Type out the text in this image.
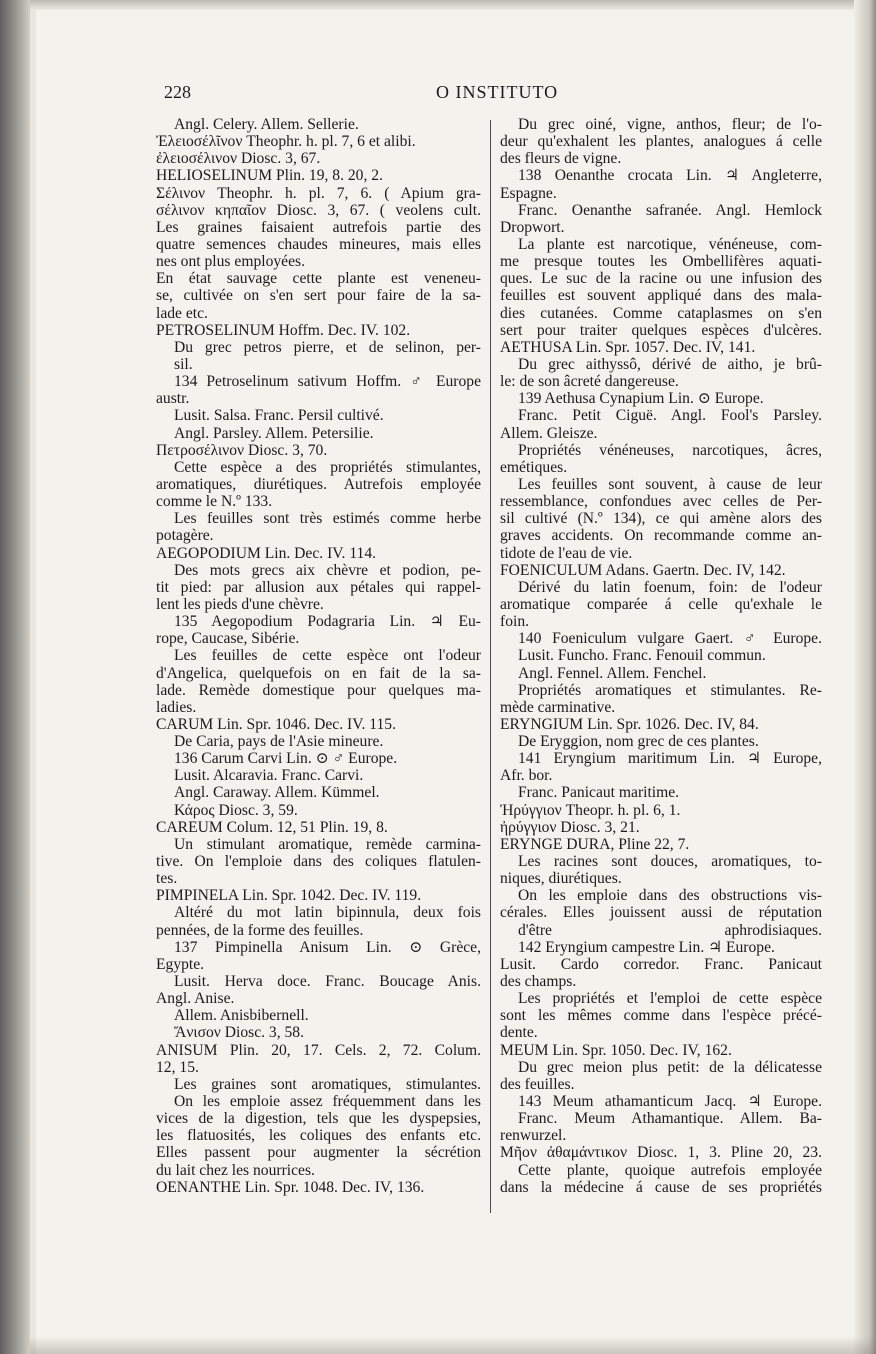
228	O INSTITUTO
Angl. Celery. Allem. Sellerie.
Ἐλειοσέλῖνον Theophr. h. pl. 7, 6 et alibi.
ἐλειοσέλινον Diosc. 3, 67.
HELIOSELINUM Plin. 19, 8. 20, 2.
Σέλινον Theophr. h. pl. 7, 6. ( Apium gra-
σέλινον κηπαῖον Diosc. 3, 67. ( veolens cult.
Les graines faisaient autrefois partie des
quatre semences chaudes mineures, mais elles
nes ont plus employées.
En état sauvage cette plante est veneneu-
se, cultivée on s'en sert pour faire de la sa-
lade etc.
PETROSELINUM Hoffm. Dec. IV. 102.
Du grec petros pierre, et de selinon, per-
sil.
134 Petroselinum sativum Hoffm. ♂ Europe
austr.
Lusit. Salsa. Franc. Persil cultivé.
Angl. Parsley. Allem. Petersilie.
Πετροσέλινον Diosc. 3, 70.
Cette espèce a des propriétés stimulantes,
aromatiques, diurétiques. Autrefois employée
comme le N.º 133.
Les feuilles sont très estimés comme herbe
potagère.
AEGOPODIUM Lin. Dec. IV. 114.
Des mots grecs aix chèvre et podion, pe-
tit pied: par allusion aux pétales qui rappel-
lent les pieds d'une chèvre.
135 Aegopodium Podagraria Lin. ♃ Eu-
rope, Caucase, Sibérie.
Les feuilles de cette espèce ont l'odeur
d'Angelica, quelquefois on en fait de la sa-
lade. Remède domestique pour quelques ma-
ladies.
CARUM Lin. Spr. 1046. Dec. IV. 115.
De Caria, pays de l'Asie mineure.
136 Carum Carvi Lin. ⊙ ♂ Europe.
Lusit. Alcaravia. Franc. Carvi.
Angl. Caraway. Allem. Kümmel.
Κάρος Diosc. 3, 59.
CAREUM Colum. 12, 51 Plin. 19, 8.
Un stimulant aromatique, remède carmina-
tive. On l'emploie dans des coliques flatulen-
tes.
PIMPINELA Lin. Spr. 1042. Dec. IV. 119.
Altéré du mot latin bipinnula, deux fois
pennées, de la forme des feuilles.
137 Pimpinella Anisum Lin. ⊙ Grèce,
Egypte.
Lusit. Herva doce. Franc. Boucage Anis.
Angl. Anise.
Allem. Anisbibernell.
Ἄνισον Diosc. 3, 58.
ANISUM Plin. 20, 17. Cels. 2, 72. Colum.
12, 15.
Les graines sont aromatiques, stimulantes.
On les emploie assez fréquemment dans les
vices de la digestion, tels que les dyspepsies,
les flatuosités, les coliques des enfants etc.
Elles passent pour augmenter la sécrétion
du lait chez les nourrices.
OENANTHE Lin. Spr. 1048. Dec. IV, 136.
Du grec oiné, vigne, anthos, fleur; de l'o-
deur qu'exhalent les plantes, analogues á celle
des fleurs de vigne.
138 Oenanthe crocata Lin. ♃ Angleterre,
Espagne.
Franc. Oenanthe safranée. Angl. Hemlock
Dropwort.
La plante est narcotique, vénéneuse, com-
me presque toutes les Ombellifères aquati-
ques. Le suc de la racine ou une infusion des
feuilles est souvent appliqué dans des mala-
dies cutanées. Comme cataplasmes on s'en
sert pour traiter quelques espèces d'ulcères.
AETHUSA Lin. Spr. 1057. Dec. IV, 141.
Du grec aithyssô, dérivé de aitho, je brû-
le: de son âcreté dangereuse.
139 Aethusa Cynapium Lin. ⊙ Europe.
Franc. Petit Ciguë. Angl. Fool's Parsley.
Allem. Gleisze.
Propriétés vénéneuses, narcotiques, âcres,
emétiques.
Les feuilles sont souvent, à cause de leur
ressemblance, confondues avec celles de Per-
sil cultivé (N.º 134), ce qui amène alors des
graves accidents. On recommande comme an-
tidote de l'eau de vie.
FOENICULUM Adans. Gaertn. Dec. IV, 142.
Dérivé du latin foenum, foin: de l'odeur
aromatique comparée á celle qu'exhale le
foin.
140 Foeniculum vulgare Gaert. ♂ Europe.
Lusit. Funcho. Franc. Fenouil commun.
Angl. Fennel. Allem. Fenchel.
Propriétés aromatiques et stimulantes. Re-
mède carminative.
ERYNGIUM Lin. Spr. 1026. Dec. IV, 84.
De Eryggion, nom grec de ces plantes.
141 Eryngium maritimum Lin. ♃ Europe,
Afr. bor.
Franc. Panicaut maritime.
Ἠρύγγιον Theopr. h. pl. 6, 1.
ἠρύγγιον Diosc. 3, 21.
ERYNGE DURA, Pline 22, 7.
Les racines sont douces, aromatiques, to-
niques, diurétiques.
On les emploie dans des obstructions vis-
cérales. Elles jouissent aussi de réputation
d'être aphrodisiaques.
142 Eryngium campestre Lin. ♃ Europe.
Lusit. Cardo corredor. Franc. Panicaut
des champs.
Les propriétés et l'emploi de cette espèce
sont les mêmes comme dans l'espèce précé-
dente.
MEUM Lin. Spr. 1050. Dec. IV, 162.
Du grec meion plus petit: de la délicatesse
des feuilles.
143 Meum athamanticum Jacq. ♃ Europe.
Franc. Meum Athamantique. Allem. Ba-
renwurzel.
Μῆον ἀθαμάντικον Diosc. 1, 3. Pline 20, 23.
Cette plante, quoique autrefois employée
dans la médecine á cause de ses propriétés
